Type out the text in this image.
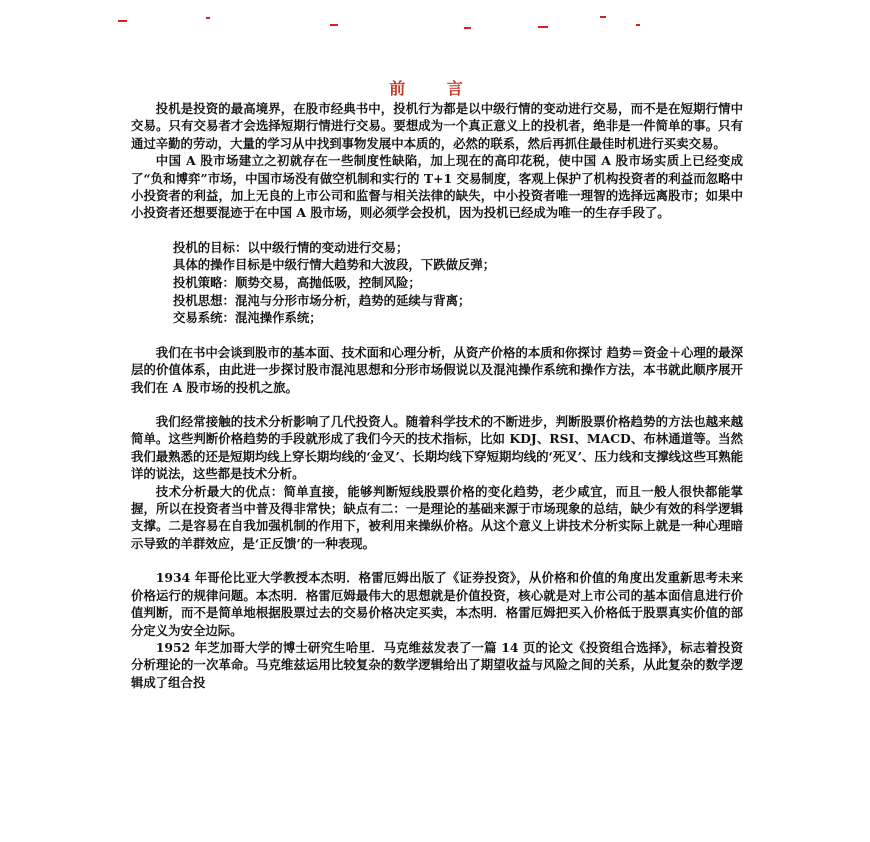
前 言

投机是投资的最高境界，在股市经典书中，投机行为都是以中级行情的变动进行交易，而不是在短期行情中交易。只有交易者才会选择短期行情进行交易。要想成为一个真正意义上的投机者，绝非是一件简单的事。只有通过辛勤的劳动，大量的学习从中找到事物发展中本质的，必然的联系，然后再抓住最佳时机进行买卖交易。

中国 A 股市场建立之初就存在一些制度性缺陷，加上现在的高印花税，使中国 A 股市场实质上已经变成了“负和博弈”市场，中国市场没有做空机制和实行的 T+1 交易制度，客观上保护了机构投资者的利益而忽略中小投资者的利益，加上无良的上市公司和监督与相关法律的缺失，中小投资者唯一理智的选择远离股市；如果中小投资者还想要混迹于在中国 A 股市场，则必须学会投机，因为投机已经成为唯一的生存手段了。

投机的目标：以中级行情的变动进行交易；
具体的操作目标是中级行情大趋势和大波段，下跌做反弹；
投机策略：顺势交易，高抛低吸，控制风险；
投机思想：混沌与分形市场分析，趋势的延续与背离；
交易系统：混沌操作系统；

我们在书中会谈到股市的基本面、技术面和心理分析，从资产价格的本质和你探讨 趋势＝资金＋心理的最深层的价值体系，由此进一步探讨股市混沌思想和分形市场假说以及混沌操作系统和操作方法，本书就此顺序展开我们在 A 股市场的投机之旅。

我们经常接触的技术分析影响了几代投资人。随着科学技术的不断进步，判断股票价格趋势的方法也越来越简单。这些判断价格趋势的手段就形成了我们今天的技术指标，比如 KDJ、RSI、MACD、布林通道等。当然我们最熟悉的还是短期均线上穿长期均线的‘金叉’、长期均线下穿短期均线的‘死叉’、压力线和支撑线这些耳熟能详的说法，这些都是技术分析。

技术分析最大的优点：简单直接，能够判断短线股票价格的变化趋势，老少咸宜，而且一般人很快都能掌握，所以在投资者当中普及得非常快；缺点有二：一是理论的基础来源于市场现象的总结，缺少有效的科学逻辑支撑。二是容易在自我加强机制的作用下，被利用来操纵价格。从这个意义上讲技术分析实际上就是一种心理暗示导致的羊群效应，是‘正反馈’的一种表现。

1934 年哥伦比亚大学教授本杰明．格雷厄姆出版了《证券投资》，从价格和价值的角度出发重新思考未来价格运行的规律问题。本杰明．格雷厄姆最伟大的思想就是价值投资，核心就是对上市公司的基本面信息进行价值判断，而不是简单地根据股票过去的交易价格决定买卖，本杰明．格雷厄姆把买入价格低于股票真实价值的部分定义为安全边际。

1952 年芝加哥大学的博士研究生哈里．马克维兹发表了一篇 14 页的论文《投资组合选择》，标志着投资分析理论的一次革命。马克维兹运用比较复杂的数学逻辑给出了期望收益与风险之间的关系，从此复杂的数学逻辑成了组合投
